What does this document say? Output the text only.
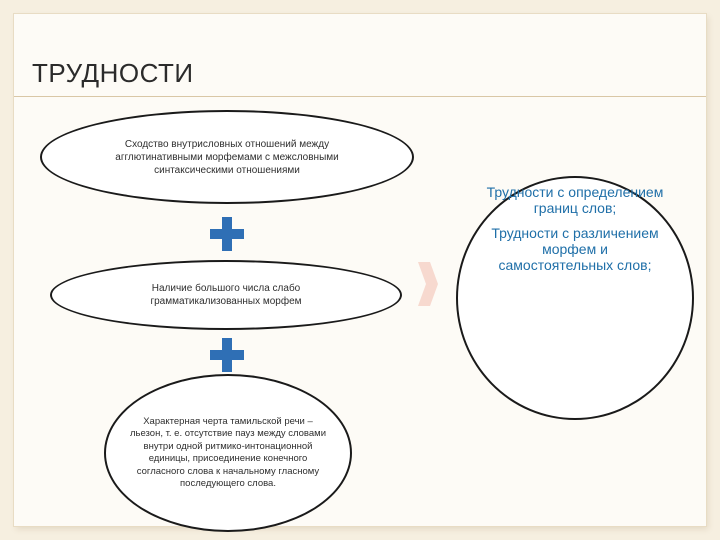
ТРУДНОСТИ
Сходство внутрисловных отношений между агглютинативными морфемами с межсловными синтаксическими отношениями
Наличие большого числа слабо грамматикализованных морфем
Характерная черта тамильской речи – льезон, т. е. отсутствие пауз между словами внутри одной ритмико-интонационной единицы, присоединение конечного согласного слова к начальному гласному последующего слова.

Трудности с определением границ слов;

Трудности с различением морфем и самостоятельных слов;
